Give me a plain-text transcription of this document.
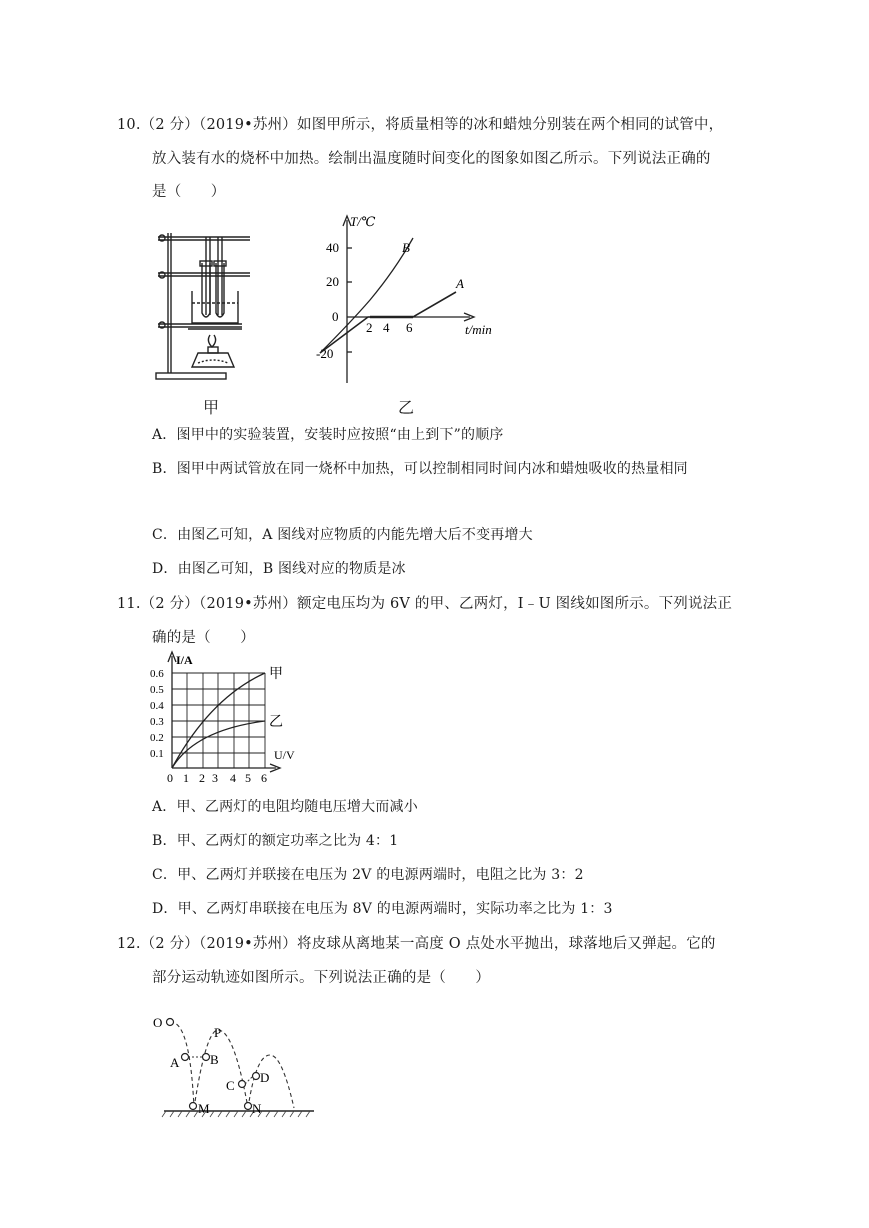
10.（2 分）（2019•苏州）如图甲所示，将质量相等的冰和蜡烛分别装在两个相同的试管中，
放入装有水的烧杯中加热。绘制出温度随时间变化的图象如图乙所示。下列说法正确的
是（　　）
甲
T/℃
40
20
0
-20
2 4 6	t/min
B
A
乙
A．图甲中的实验装置，安装时应按照“由上到下”的顺序
B．图甲中两试管放在同一烧杯中加热，可以控制相同时间内冰和蜡烛吸收的热量相同
C．由图乙可知，A 图线对应物质的内能先增大后不变再增大
D．由图乙可知，B 图线对应的物质是冰
11.（2 分）（2019•苏州）额定电压均为 6V 的甲、乙两灯，I﹣U 图线如图所示。下列说法正
确的是（　　）
I/A
0.6
0.5
0.4
0.3
0.2
0.1
0 1 2 3 4 5 6
U/V
甲
乙
A．甲、乙两灯的电阻均随电压增大而减小
B．甲、乙两灯的额定功率之比为 4：1
C．甲、乙两灯并联接在电压为 2V 的电源两端时，电阻之比为 3：2
D．甲、乙两灯串联接在电压为 8V 的电源两端时，实际功率之比为 1：3
12.（2 分）（2019•苏州）将皮球从离地某一高度 O 点处水平抛出，球落地后又弹起。它的
部分运动轨迹如图所示。下列说法正确的是（　　）
O
P
A B
C
D
M	N
